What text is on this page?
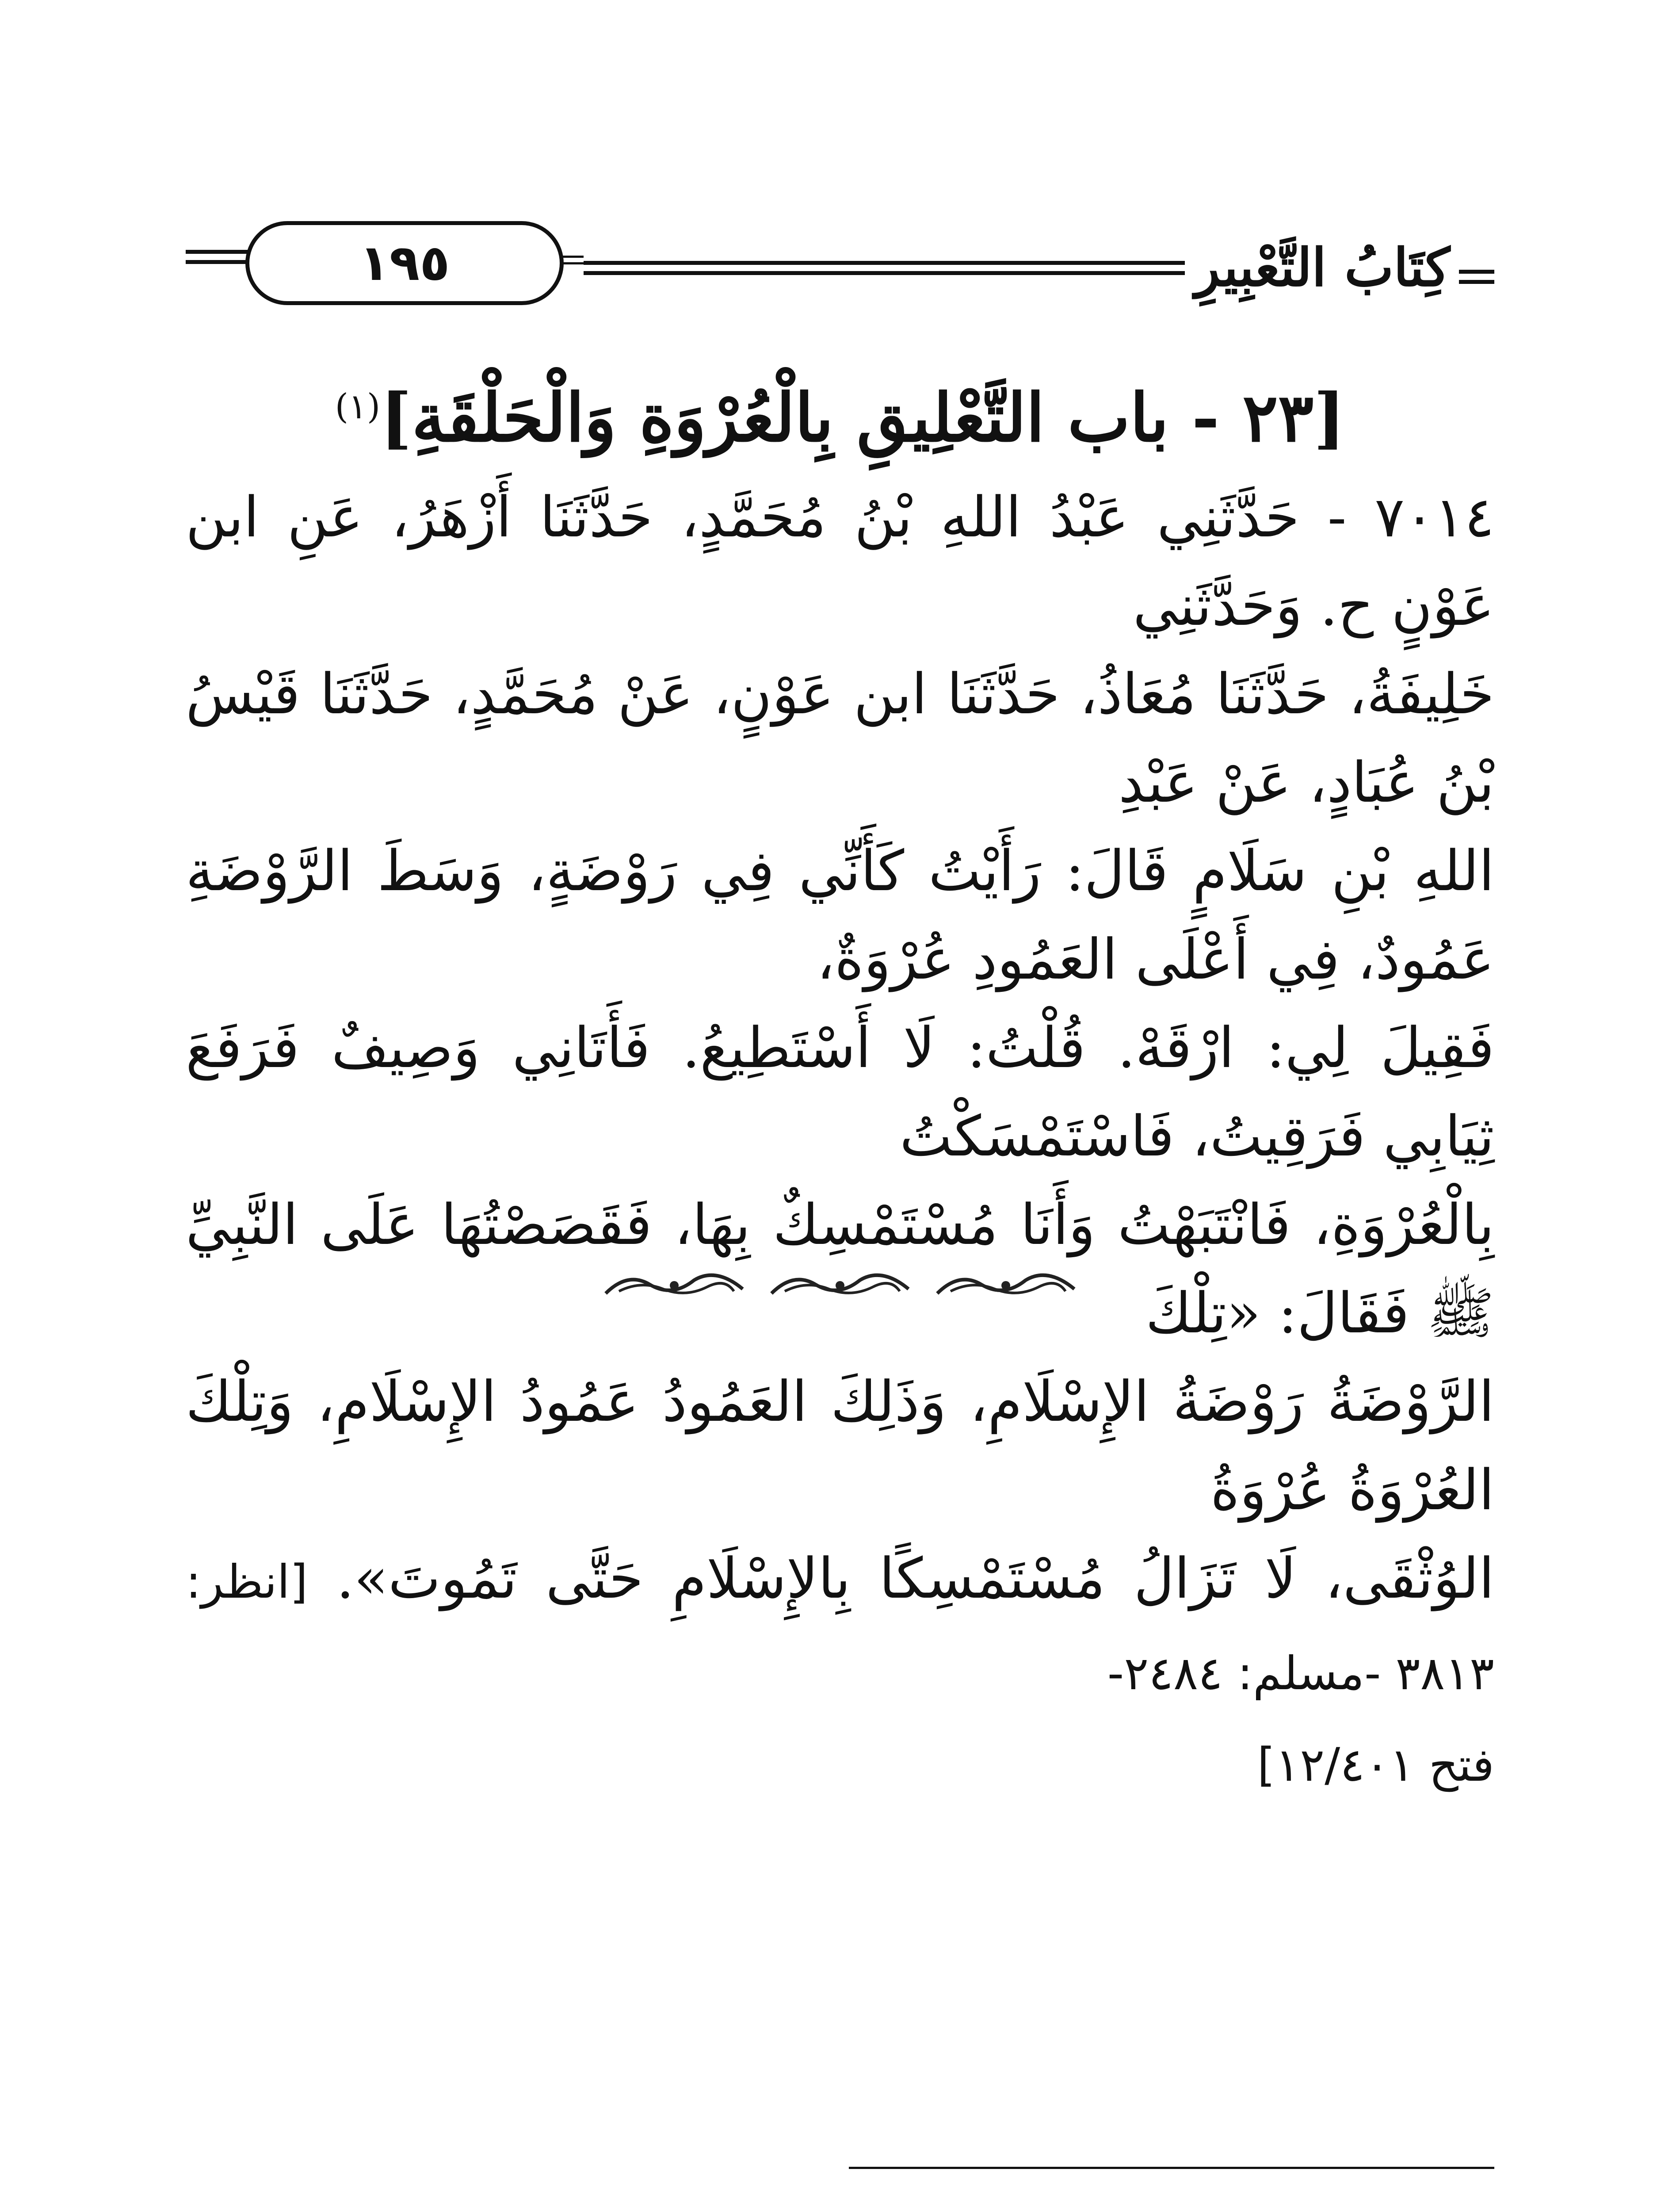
١٩٥	كِتَابُ التَّعْبِيرِ
[٢٣ - باب التَّعْلِيقِ بِالْعُرْوَةِ وَالْحَلْقَةِ]$^{(١)}$

٧٠١٤ - حَدَّثَنِي عَبْدُ اللهِ بْنُ مُحَمَّدٍ، حَدَّثَنَا أَزْهَرُ، عَنِ ابن عَوْنٍ ح. وَحَدَّثَنِي

خَلِيفَةُ، حَدَّثَنَا مُعَاذُ، حَدَّثَنَا ابن عَوْنٍ، عَنْ مُحَمَّدٍ، حَدَّثَنَا قَيْسُ بْنُ عُبَادٍ، عَنْ عَبْدِ

اللهِ بْنِ سَلَامٍ قَالَ: رَأَيْتُ كَأَنِّي فِي رَوْضَةٍ، وَسَطَ الرَّوْضَةِ عَمُودٌ، فِي أَعْلَى العَمُودِ عُرْوَةٌ،

فَقِيلَ لِي: ارْقَهْ. قُلْتُ: لَا أَسْتَطِيعُ. فَأَتَانِي وَصِيفٌ فَرَفَعَ ثِيَابِي فَرَقِيتُ، فَاسْتَمْسَكْتُ

بِالْعُرْوَةِ، فَانْتَبَهْتُ وَأَنَا مُسْتَمْسِكٌ بِهَا، فَقَصَصْتُهَا عَلَى النَّبِيِّ ﷺ فَقَالَ: «تِلْكَ

الرَّوْضَةُ رَوْضَةُ الإِسْلَامِ، وَذَلِكَ العَمُودُ عَمُودُ الإِسْلَامِ، وَتِلْكَ العُرْوَةُ عُرْوَةُ

الوُثْقَى، لَا تَزَالُ مُسْتَمْسِكًا بِالإِسْلَامِ حَتَّى تَمُوتَ». [انظر: ٣٨١٣ -مسلم: ٢٤٨٤-

فتح ١٢/٤٠١]
